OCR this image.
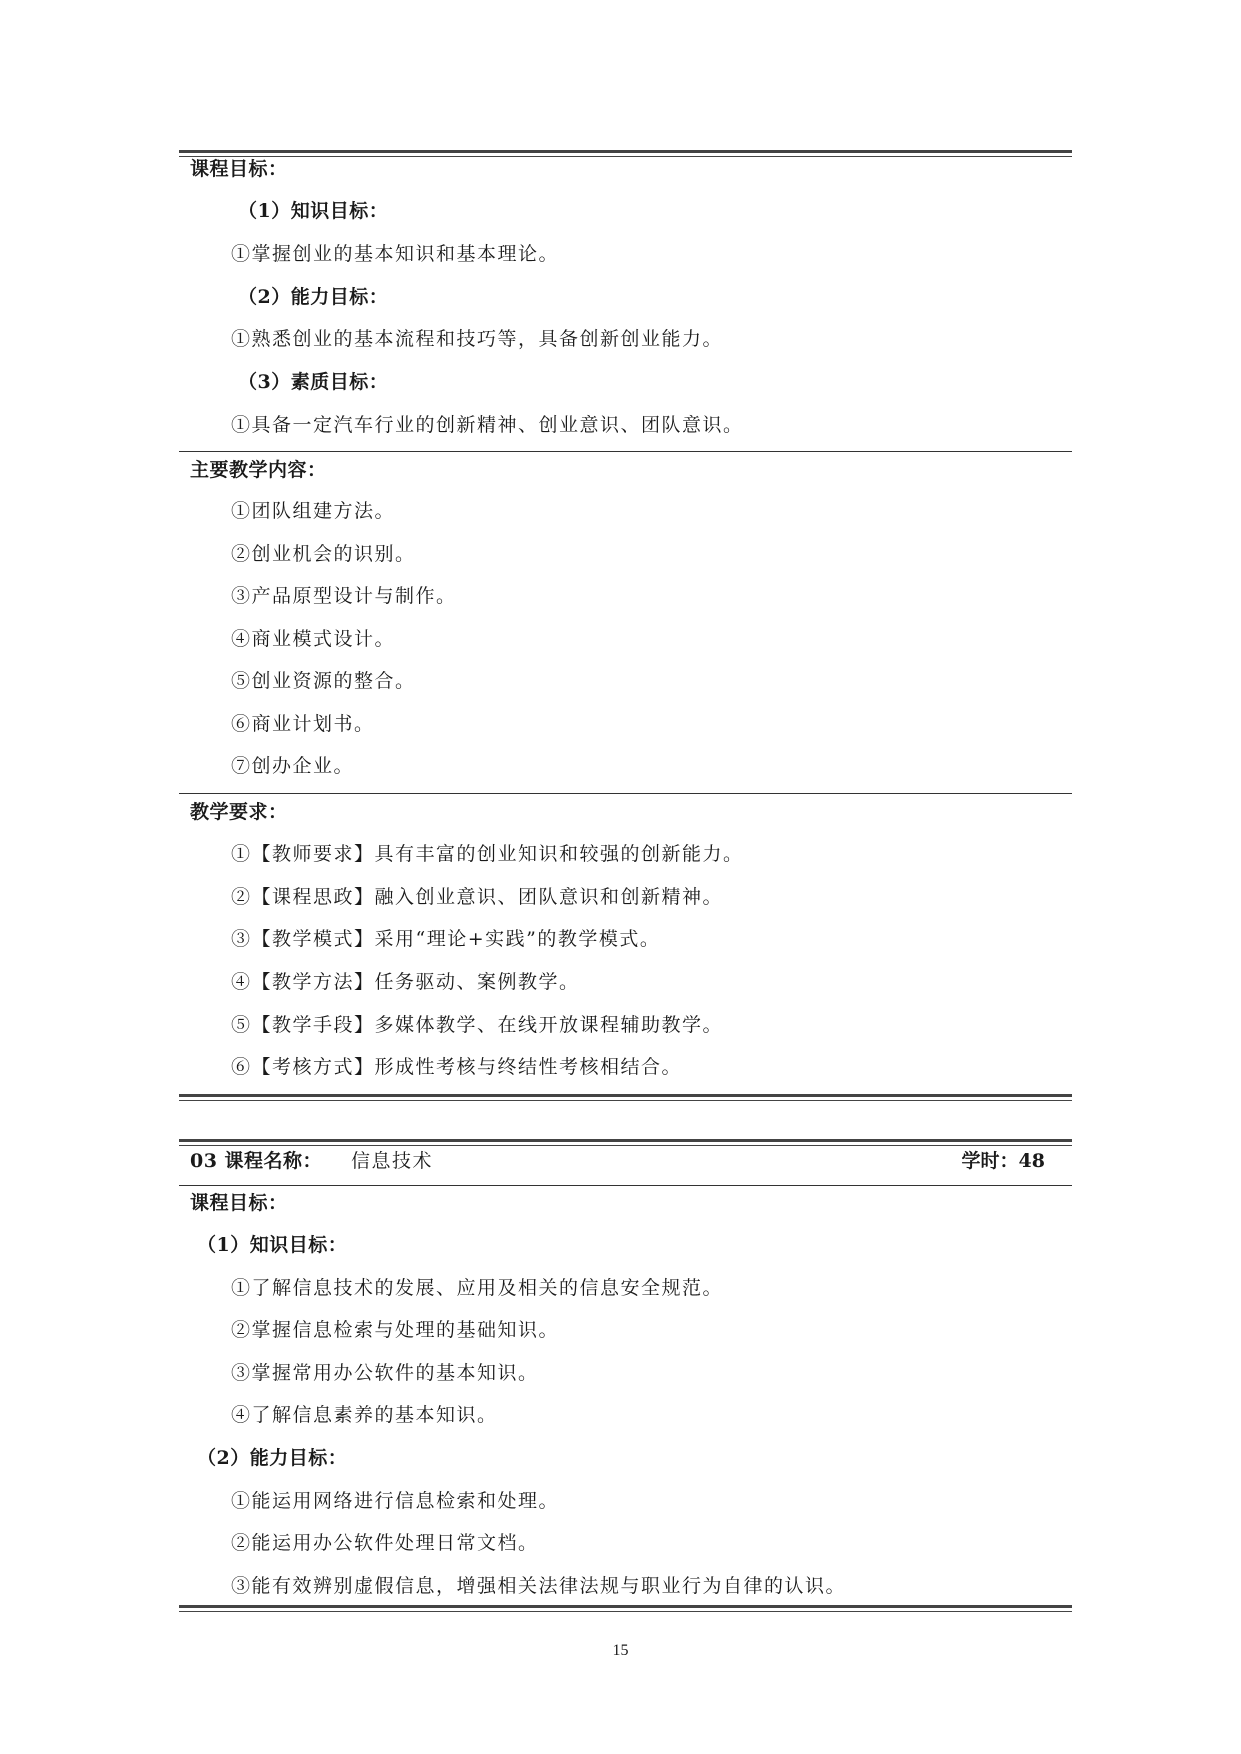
课程目标：
（1）知识目标：
①掌握创业的基本知识和基本理论。
（2）能力目标：
①熟悉创业的基本流程和技巧等，具备创新创业能力。
（3）素质目标：
①具备一定汽车行业的创新精神、创业意识、团队意识。
主要教学内容：
①团队组建方法。
②创业机会的识别。
③产品原型设计与制作。
④商业模式设计。
⑤创业资源的整合。
⑥商业计划书。
⑦创办企业。
教学要求：
①【教师要求】具有丰富的创业知识和较强的创新能力。
②【课程思政】融入创业意识、团队意识和创新精神。
③【教学模式】采用“理论+实践”的教学模式。
④【教学方法】任务驱动、案例教学。
⑤【教学手段】多媒体教学、在线开放课程辅助教学。
⑥【考核方式】形成性考核与终结性考核相结合。
03 课程名称： 信息技术	学时：48
课程目标：
（1）知识目标：
①了解信息技术的发展、应用及相关的信息安全规范。
②掌握信息检索与处理的基础知识。
③掌握常用办公软件的基本知识。
④了解信息素养的基本知识。
（2）能力目标：
①能运用网络进行信息检索和处理。
②能运用办公软件处理日常文档。
③能有效辨别虚假信息，增强相关法律法规与职业行为自律的认识。
15
